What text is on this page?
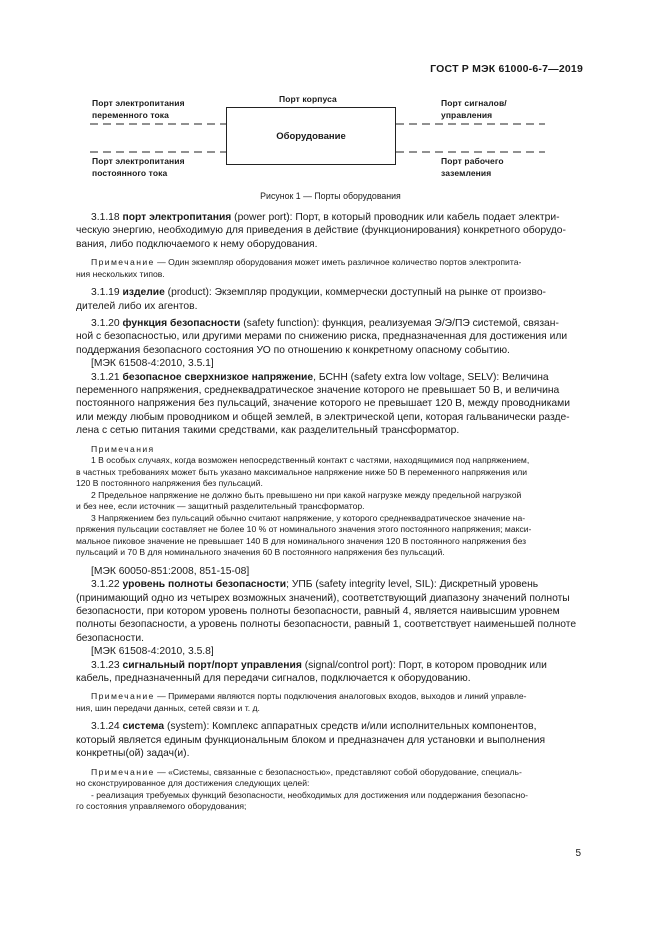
ГОСТ Р МЭК 61000-6-7—2019
Оборудование
Порт электропитания
переменного тока
Порт электропитания
постоянного тока
Порт корпуса	Порт сигналов/
управления
Порт рабочего
заземления
Рисунок 1 — Порты оборудования

3.1.18 порт электропитания (power port): Порт, в который проводник или кабель подает электри-

ческую энергию, необходимую для приведения в действие (функционирования) конкретного оборудо-

вания, либо подключаемого к нему оборудования.

Примечание — Один экземпляр оборудования может иметь различное количество портов электропита-

ния нескольких типов.

3.1.19 изделие (product): Экземпляр продукции, коммерчески доступный на рынке от произво-

дителей либо их агентов.

3.1.20 функция безопасности (safety function): функция, реализуемая Э/Э/ПЭ системой, связан-

ной с безопасностью, или другими мерами по снижению риска, предназначенная для достижения или

поддержания безопасного состояния УО по отношению к конкретному опасному событию.

[МЭК 61508-4:2010, 3.5.1]

3.1.21 безопасное сверхнизкое напряжение, БСНН (safety extra low voltage, SELV): Величина

переменного напряжения, среднеквадратическое значение которого не превышает 50 В, и величина

постоянного напряжения без пульсаций, значение которого не превышает 120 В, между проводниками

или между любым проводником и общей землей, в электрической цепи, которая гальванически разде-

лена с сетью питания такими средствами, как разделительный трансформатор.

Примечания

1 В особых случаях, когда возможен непосредственный контакт с частями, находящимися под напряжением,

в частных требованиях может быть указано максимальное напряжение ниже 50 В переменного напряжения или

120 В постоянного напряжения без пульсаций.

2 Предельное напряжение не должно быть превышено ни при какой нагрузке между предельной нагрузкой

и без нее, если источник — защитный разделительный трансформатор.

3 Напряжением без пульсаций обычно считают напряжение, у которого среднеквадратическое значение на-

пряжения пульсации составляет не более 10 % от номинального значения этого постоянного напряжения; макси-

мальное пиковое значение не превышает 140 В для номинального значения 120 В постоянного напряжения без

пульсаций и 70 В для номинального значения 60 В постоянного напряжения без пульсаций.

[МЭК 60050-851:2008, 851-15-08]

3.1.22 уровень полноты безопасности; УПБ (safety integrity level, SIL): Дискретный уровень

(принимающий одно из четырех возможных значений), соответствующий диапазону значений полноты

безопасности, при котором уровень полноты безопасности, равный 4, является наивысшим уровнем

полноты безопасности, а уровень полноты безопасности, равный 1, соответствует наименьшей полноте

безопасности.

[МЭК 61508-4:2010, 3.5.8]

3.1.23 сигнальный порт/порт управления (signal/control port): Порт, в котором проводник или

кабель, предназначенный для передачи сигналов, подключается к оборудованию.

Примечание — Примерами являются порты подключения аналоговых входов, выходов и линий управле-

ния, шин передачи данных, сетей связи и т. д.

3.1.24 система (system): Комплекс аппаратных средств и/или исполнительных компонентов,

который является единым функциональным блоком и предназначен для установки и выполнения

конкретны(ой) задач(и).

Примечание — «Системы, связанные с безопасностью», представляют собой оборудование, специаль-

но сконструированное для достижения следующих целей:

- реализация требуемых функций безопасности, необходимых для достижения или поддержания безопасно-

го состояния управляемого оборудования;

5
